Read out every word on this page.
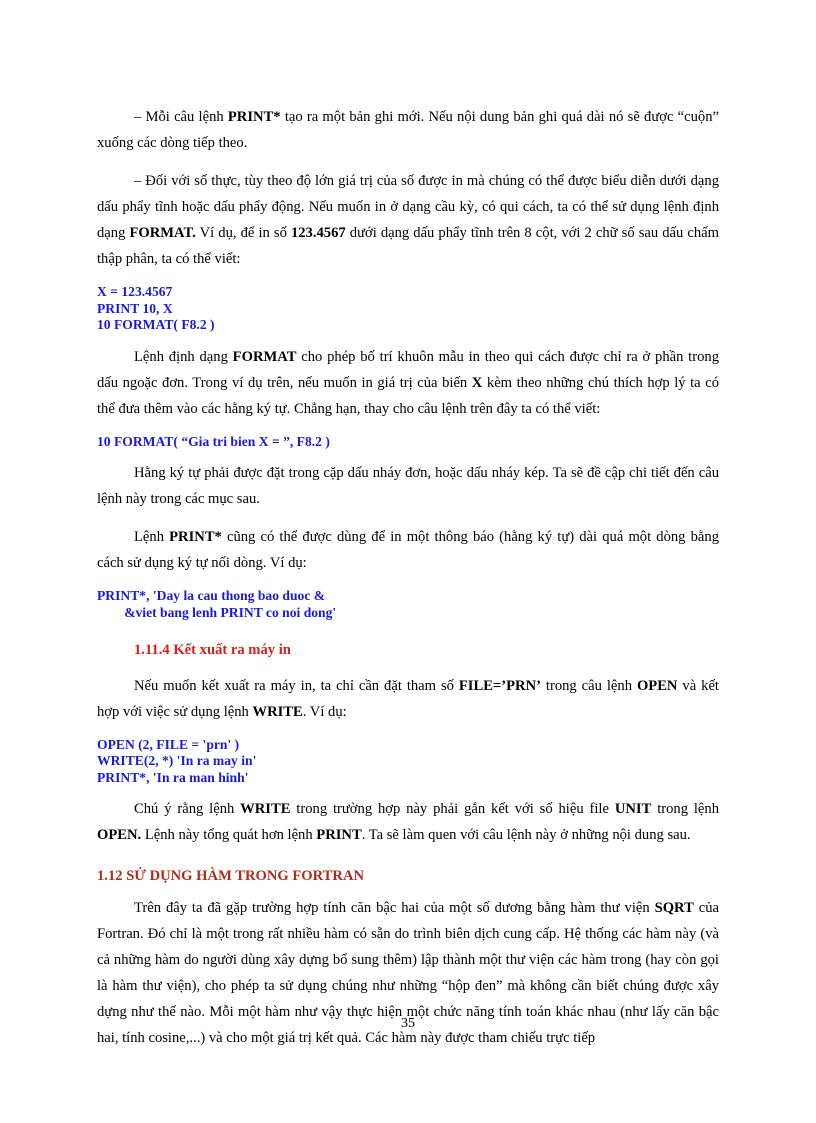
– Mỗi câu lệnh PRINT* tạo ra một bản ghi mới. Nếu nội dung bản ghi quá dài nó sẽ được “cuộn” xuống các dòng tiếp theo.

– Đối với số thực, tùy theo độ lớn giá trị của số được in mà chúng có thể được biểu diễn dưới dạng dấu phẩy tĩnh hoặc dấu phẩy động. Nếu muốn in ở dạng cầu kỳ, có qui cách, ta có thể sử dụng lệnh định dạng FORMAT. Ví dụ, để in số 123.4567 dưới dạng dấu phẩy tĩnh trên 8 cột, với 2 chữ số sau dấu chấm thập phân, ta có thể viết:

X = 123.4567
PRINT 10, X
10 FORMAT( F8.2 )

Lệnh định dạng FORMAT cho phép bố trí khuôn mẫu in theo qui cách được chỉ ra ở phần trong dấu ngoặc đơn. Trong ví dụ trên, nếu muốn in giá trị của biến X kèm theo những chú thích hợp lý ta có thể đưa thêm vào các hằng ký tự. Chẳng hạn, thay cho câu lệnh trên đây ta có thể viết:

10 FORMAT( “Gia tri bien X = ”, F8.2 )

Hằng ký tự phải được đặt trong cặp dấu nháy đơn, hoặc dấu nháy kép. Ta sẽ đề cập chi tiết đến câu lệnh này trong các mục sau.

Lệnh PRINT* cũng có thể được dùng để in một thông báo (hằng ký tự) dài quá một dòng bằng cách sử dụng ký tự nối dòng. Ví dụ:

PRINT*, 'Day la cau thong bao duoc &
&viet bang lenh PRINT co noi dong'
1.11.4 Kết xuất ra máy in

Nếu muốn kết xuất ra máy in, ta chỉ cần đặt tham số FILE=’PRN’ trong câu lệnh OPEN và kết hợp với việc sử dụng lệnh WRITE. Ví dụ:

OPEN (2, FILE = 'prn' )
WRITE(2, *) 'In ra may in'
PRINT*, 'In ra man hinh'

Chú ý rằng lệnh WRITE trong trường hợp này phải gắn kết với số hiệu file UNIT trong lệnh OPEN. Lệnh này tổng quát hơn lệnh PRINT. Ta sẽ làm quen với câu lệnh này ở những nội dung sau.

1.12 SỬ DỤNG HÀM TRONG FORTRAN

Trên đây ta đã gặp trường hợp tính căn bậc hai của một số dương bằng hàm thư viện SQRT của Fortran. Đó chỉ là một trong rất nhiều hàm có sẵn do trình biên dịch cung cấp. Hệ thống các hàm này (và cả những hàm do người dùng xây dựng bổ sung thêm) lập thành một thư viện các hàm trong (hay còn gọi là hàm thư viện), cho phép ta sử dụng chúng như những “hộp đen” mà không cần biết chúng được xây dựng như thế nào. Mỗi một hàm như vậy thực hiện một chức năng tính toán khác nhau (như lấy căn bậc hai, tính cosine,...) và cho một giá trị kết quả. Các hàm này được tham chiếu trực tiếp

35
